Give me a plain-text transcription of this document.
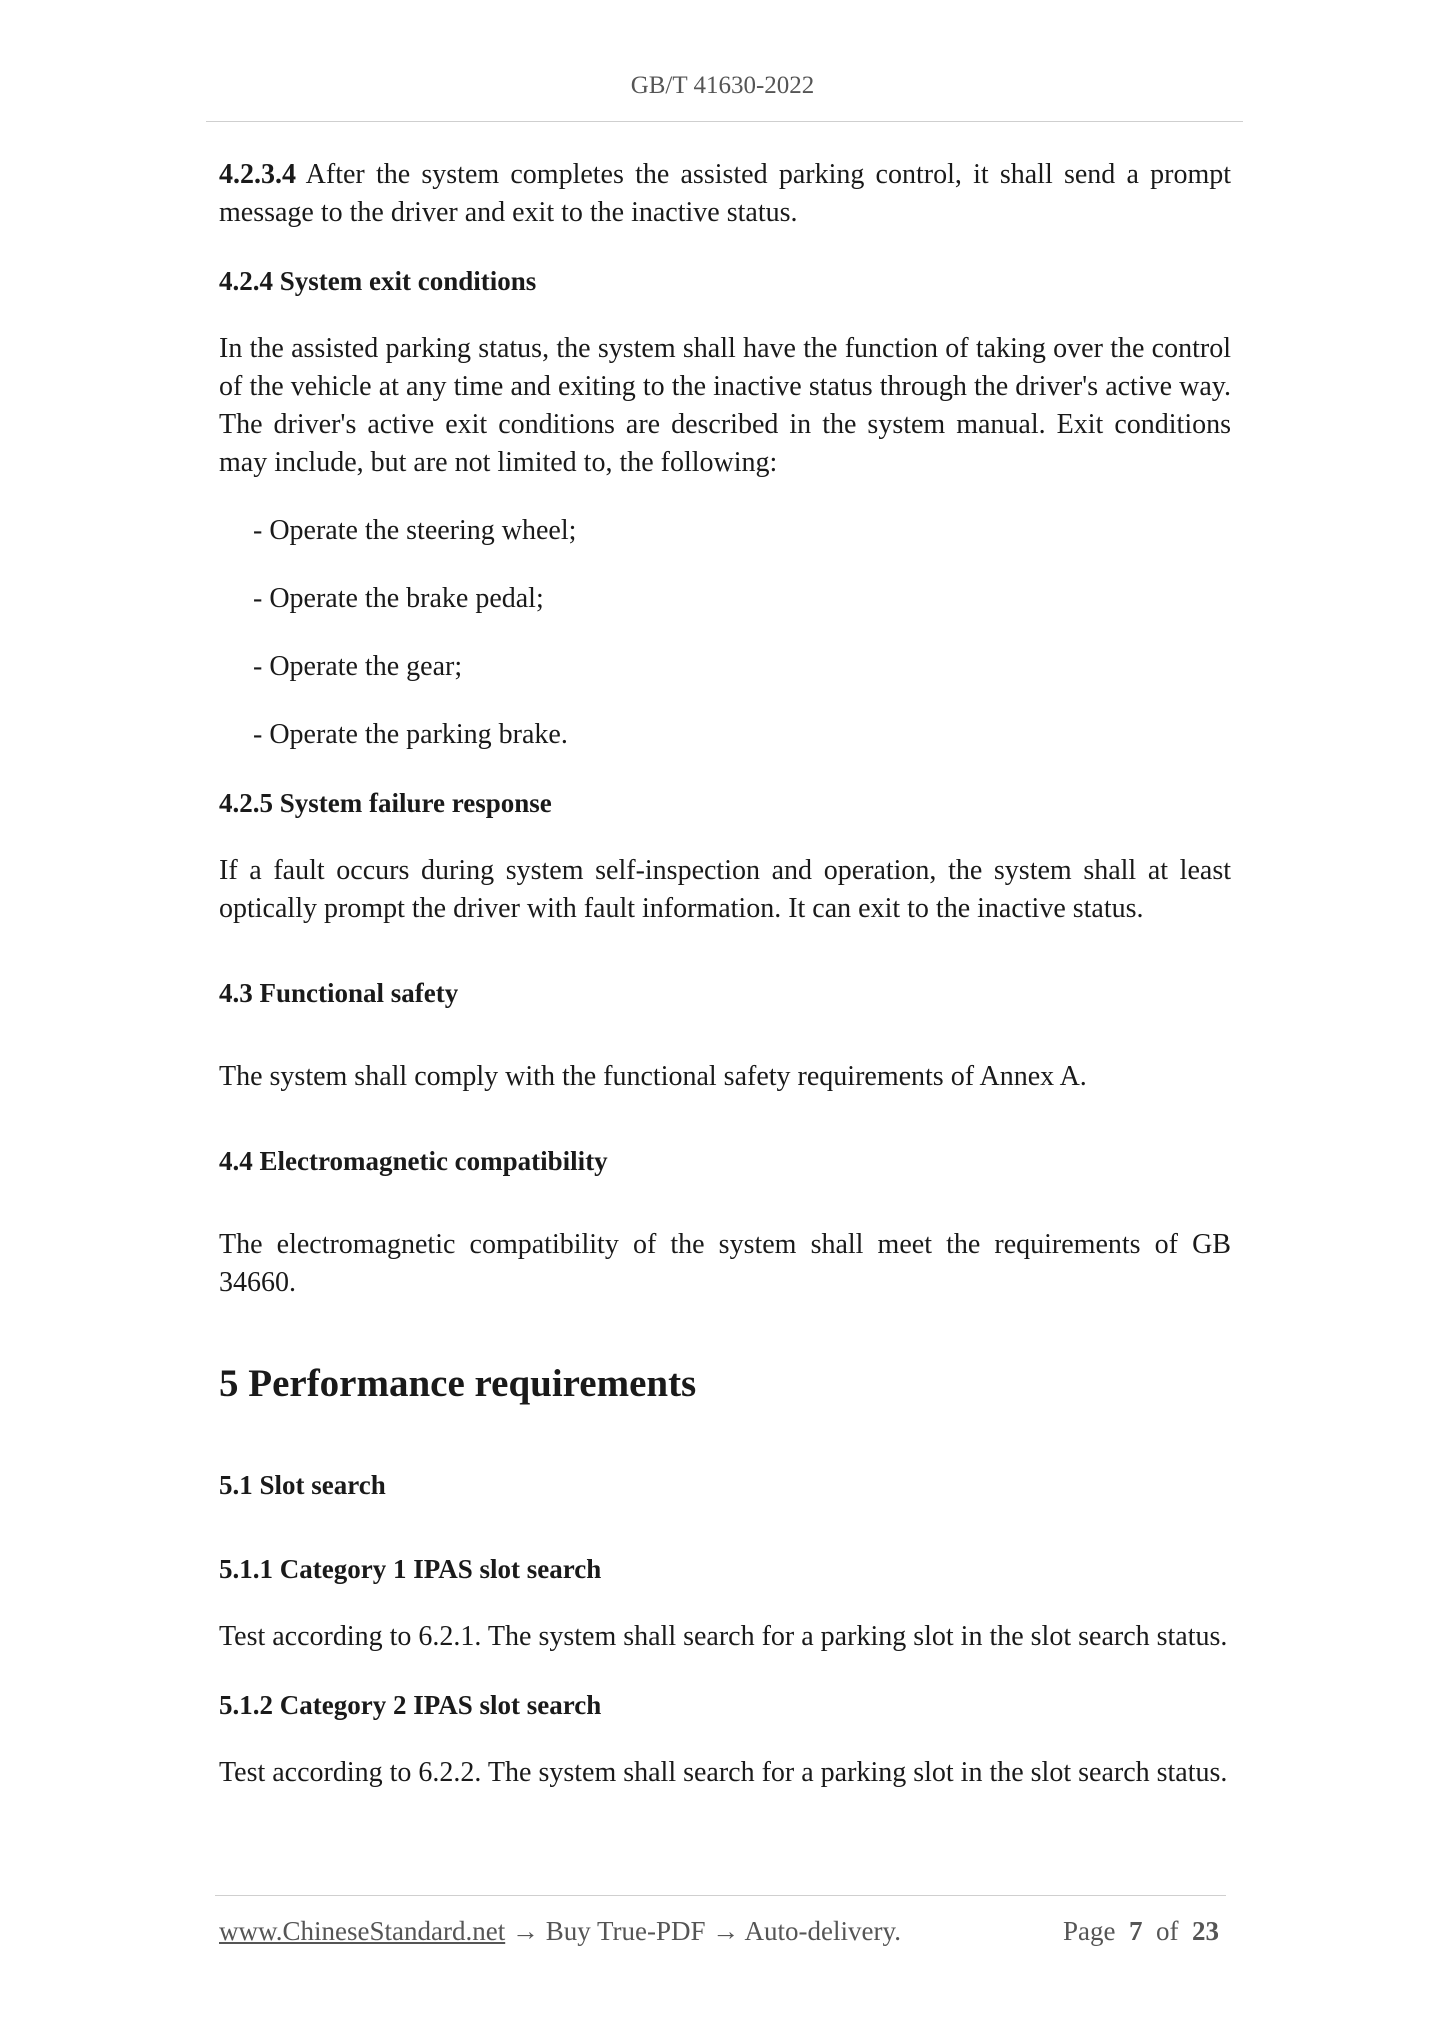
GB/T 41630-2022

4.2.3.4 After the system completes the assisted parking control, it shall send a prompt message to the driver and exit to the inactive status.

4.2.4 System exit conditions

In the assisted parking status, the system shall have the function of taking over the control of the vehicle at any time and exiting to the inactive status through the driver's active way. The driver's active exit conditions are described in the system manual. Exit conditions may include, but are not limited to, the following:

- Operate the steering wheel;

- Operate the brake pedal;

- Operate the gear;

- Operate the parking brake.

4.2.5 System failure response

If a fault occurs during system self-inspection and operation, the system shall at least optically prompt the driver with fault information. It can exit to the inactive status.

4.3 Functional safety

The system shall comply with the functional safety requirements of Annex A.

4.4 Electromagnetic compatibility

The electromagnetic compatibility of the system shall meet the requirements of GB 34660.

5 Performance requirements

5.1 Slot search

5.1.1 Category 1 IPAS slot search

Test according to 6.2.1. The system shall search for a parking slot in the slot search status.

5.1.2 Category 2 IPAS slot search

Test according to 6.2.2. The system shall search for a parking slot in the slot search status.

www.ChineseStandard.net → Buy True-PDF → Auto-delivery.	Page 7 of 23
